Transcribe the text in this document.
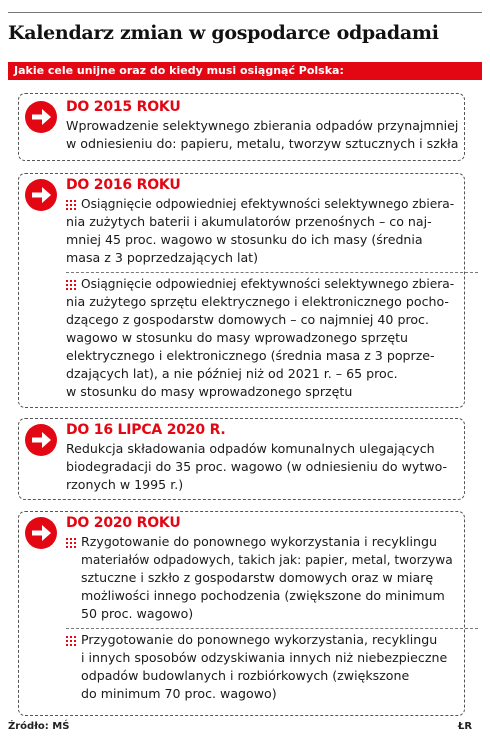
Kalendarz zmian w gospodarce odpadami
Jakie cele unijne oraz do kiedy musi osiągnąć Polska:
DO 2015 ROKU
Wprowadzenie selektywnego zbierania odpadów przynajmniej
w odniesieniu do: papieru, metalu, tworzyw sztucznych i szkła
DO 2016 ROKU
Osiągnięcie odpowiedniej efektywności selektywnego zbiera-
nia zużytych baterii i akumulatorów przenośnych – co naj-
mniej 45 proc. wagowo w stosunku do ich masy (średnia
masa z 3 poprzedzających lat)
Osiągnięcie odpowiedniej efektywności selektywnego zbiera-
nia zużytego sprzętu elektrycznego i elektronicznego pocho-
dzącego z gospodarstw domowych – co najmniej 40 proc.
wagowo w stosunku do masy wprowadzonego sprzętu
elektrycznego i elektronicznego (średnia masa z 3 poprze-
dzających lat), a nie później niż od 2021 r. – 65 proc.
w stosunku do masy wprowadzonego sprzętu
DO 16 LIPCA 2020 R.
Redukcja składowania odpadów komunalnych ulegających
biodegradacji do 35 proc. wagowo (w odniesieniu do wytwo-
rzonych w 1995 r.)
DO 2020 ROKU
Rzygotowanie do ponownego wykorzystania i recyklingu
materiałów odpadowych, takich jak: papier, metal, tworzywa
sztuczne i szkło z gospodarstw domowych oraz w miarę
możliwości innego pochodzenia (zwiększone do minimum
50 proc. wagowo)
Przygotowanie do ponownego wykorzystania, recyklingu
i innych sposobów odzyskiwania innych niż niebezpieczne
odpadów budowlanych i rozbiórkowych (zwiększone
do minimum 70 proc. wagowo)
Źródło: MŚ	ŁR
